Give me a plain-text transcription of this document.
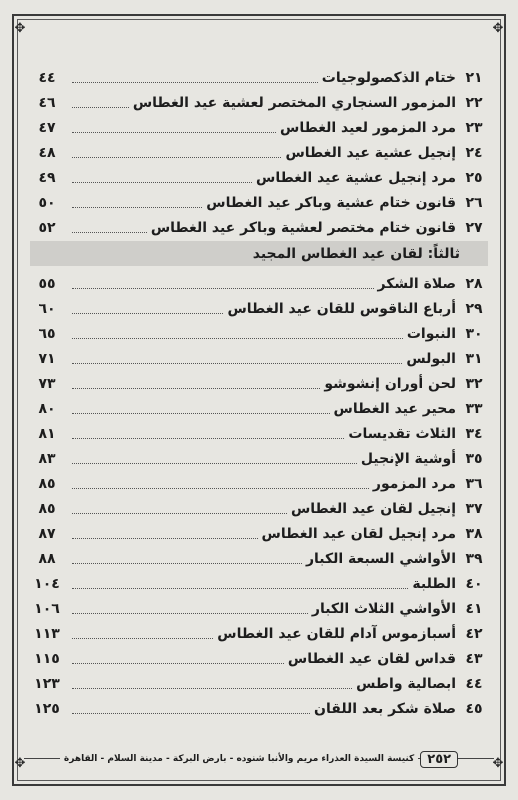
✥	✥
✥	✥
٢١
ختام الذكصولوجيات
٤٤
٢٢
المزمور السنجاري المختصر لعشية عيد الغطاس
٤٦
٢٣
مرد المزمور لعيد الغطاس
٤٧
٢٤
إنجيل عشية عيد الغطاس
٤٨
٢٥
مرد إنجيل عشية عيد الغطاس
٤٩
٢٦
قانون ختام عشية وباكر عيد الغطاس
٥٠
٢٧
قانون ختام مختصر لعشية وباكر عيد الغطاس
٥٢
ثالثاً: لقان عيد الغطاس المجيد
٢٨
صلاة الشكر
٥٥
٢٩
أرباع الناقوس للقان عيد الغطاس
٦٠
٣٠
النبوات
٦٥
٣١
البولس
٧١
٣٢
لحن أوران إنشوشو
٧٣
٣٣
محير عيد الغطاس
٨٠
٣٤
الثلاث تقديسات
٨١
٣٥
أوشية الإنجيل
٨٣
٣٦
مرد المزمور
٨٥
٣٧
إنجيل لقان عيد الغطاس
٨٥
٣٨
مرد إنجيل لقان عيد الغطاس
٨٧
٣٩
الأواشي السبعة الكبار
٨٨
٤٠
الطلبة
١٠٤
٤١
الأواشي الثلاث الكبار
١٠٦
٤٢
أسبازموس آدام للقان عيد الغطاس
١١٣
٤٣
قداس لقان عيد الغطاس
١١٥
٤٤
ابصالية واطس
١٢٣
٤٥
صلاة شكر بعد اللقان
١٢٥
٢٥٢
كنيسة السيدة العذراء مريم والأنبا شنوده - بارض البركة - مدينة السلام - القاهرة
